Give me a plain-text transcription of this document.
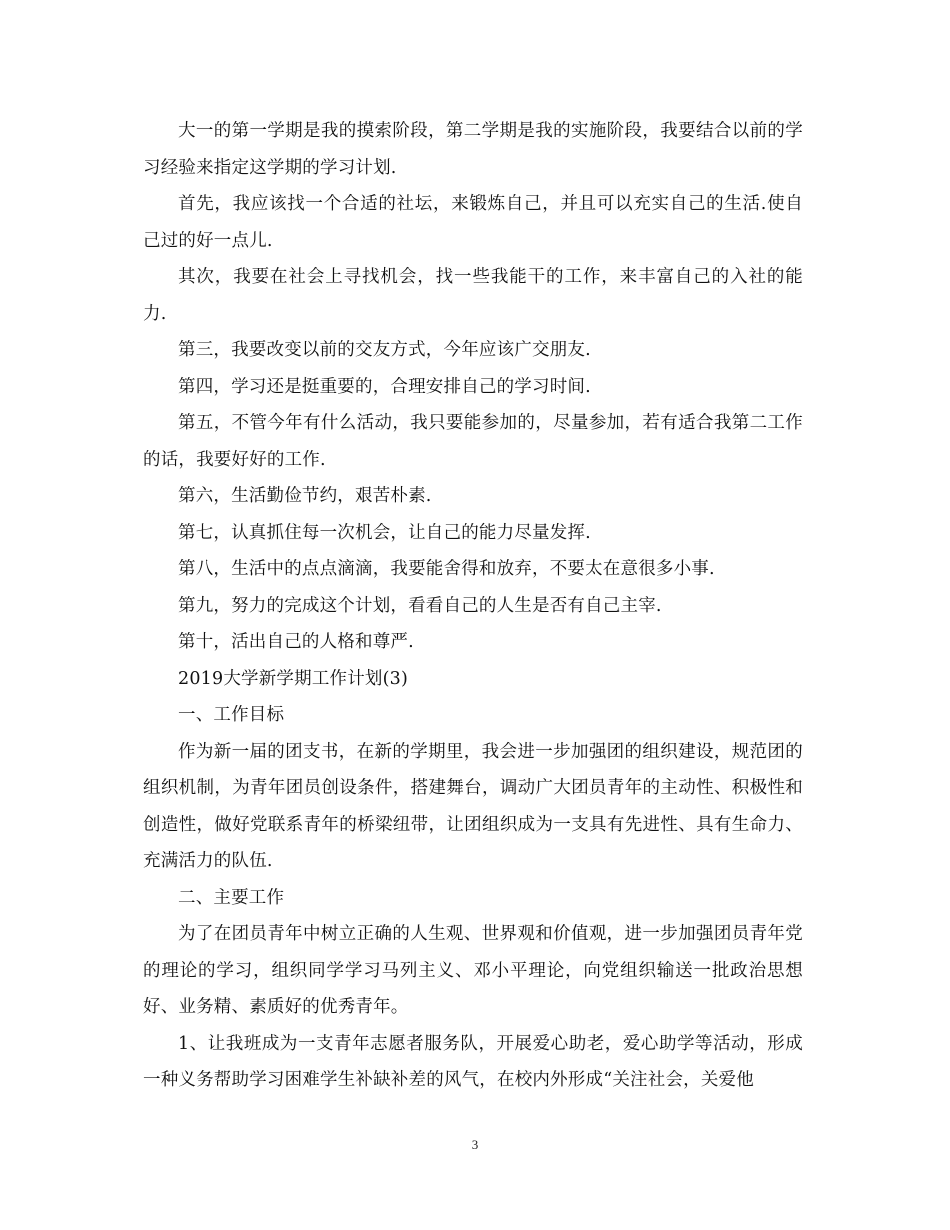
大一的第一学期是我的摸索阶段，第二学期是我的实施阶段，我要结合以前的学习经验来指定这学期的学习计划.

首先，我应该找一个合适的社坛，来锻炼自己，并且可以充实自己的生活.使自己过的好一点儿.

其次，我要在社会上寻找机会，找一些我能干的工作，来丰富自己的入社的能力.

第三，我要改变以前的交友方式，今年应该广交朋友.

第四，学习还是挺重要的，合理安排自己的学习时间.

第五，不管今年有什么活动，我只要能参加的，尽量参加，若有适合我第二工作的话，我要好好的工作.

第六，生活勤俭节约，艰苦朴素.

第七，认真抓住每一次机会，让自己的能力尽量发挥.

第八，生活中的点点滴滴，我要能舍得和放弃，不要太在意很多小事.

第九，努力的完成这个计划，看看自己的人生是否有自己主宰.

第十，活出自己的人格和尊严.

2019大学新学期工作计划(3)

一、工作目标

作为新一届的团支书，在新的学期里，我会进一步加强团的组织建设，规范团的组织机制，为青年团员创设条件，搭建舞台，调动广大团员青年的主动性、积极性和创造性，做好党联系青年的桥梁纽带，让团组织成为一支具有先进性、具有生命力、充满活力的队伍.

二、主要工作

为了在团员青年中树立正确的人生观、世界观和价值观，进一步加强团员青年党的理论的学习，组织同学学习马列主义、邓小平理论，向党组织输送一批政治思想好、业务精、素质好的优秀青年。

1、让我班成为一支青年志愿者服务队，开展爱心助老，爱心助学等活动，形成一种义务帮助学习困难学生补缺补差的风气，在校内外形成“关注社会，关爱他

3
